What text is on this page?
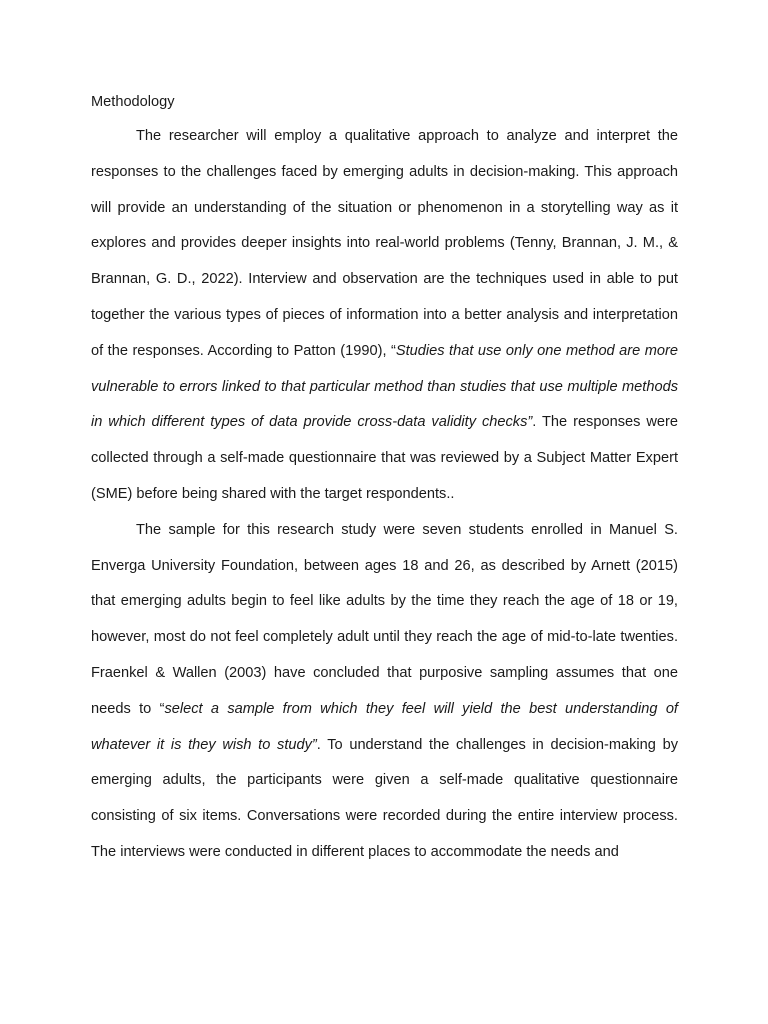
Methodology

The researcher will employ a qualitative approach to analyze and interpret the responses to the challenges faced by emerging adults in decision-making. This approach will provide an understanding of the situation or phenomenon in a storytelling way as it explores and provides deeper insights into real-world problems (Tenny, Brannan, J. M., & Brannan, G. D., 2022). Interview and observation are the techniques used in able to put together the various types of pieces of information into a better analysis and interpretation of the responses. According to Patton (1990), “Studies that use only one method are more vulnerable to errors linked to that particular method than studies that use multiple methods in which different types of data provide cross-data validity checks”. The responses were collected through a self-made questionnaire that was reviewed by a Subject Matter Expert (SME) before being shared with the target respondents..

The sample for this research study were seven students enrolled in Manuel S. Enverga University Foundation, between ages 18 and 26, as described by Arnett (2015) that emerging adults begin to feel like adults by the time they reach the age of 18 or 19, however, most do not feel completely adult until they reach the age of mid-to-late twenties. Fraenkel & Wallen (2003) have concluded that purposive sampling assumes that one needs to “select a sample from which they feel will yield the best understanding of whatever it is they wish to study”. To understand the challenges in decision-making by emerging adults, the participants were given a self-made qualitative questionnaire consisting of six items. Conversations were recorded during the entire interview process. The interviews were conducted in different places to accommodate the needs and
